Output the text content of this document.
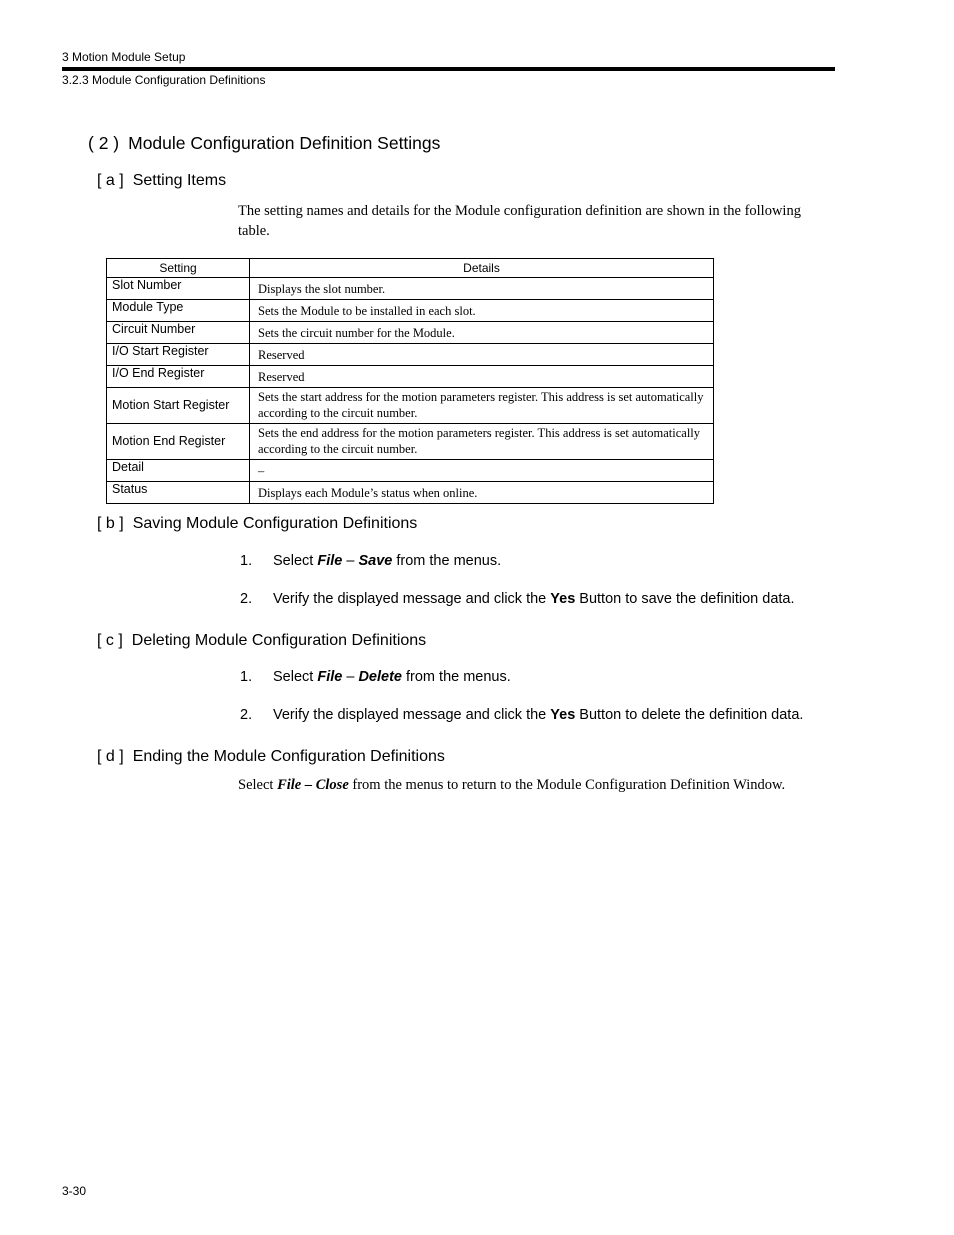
3 Motion Module Setup
3.2.3 Module Configuration Definitions
( 2 ) Module Configuration Definition Settings
[ a ] Setting Items
The setting names and details for the Module configuration definition are shown in the following table.
Setting	Details
Slot Number	Displays the slot number.
Module Type	Sets the Module to be installed in each slot.
Circuit Number	Sets the circuit number for the Module.
I/O Start Register	Reserved
I/O End Register	Reserved
Motion Start Register	Sets the start address for the motion parameters register. This address is set automatically according to the circuit number.
Motion End Register	Sets the end address for the motion parameters register. This address is set automatically according to the circuit number.
Detail	–
Status	Displays each Module’s status when online.
[ b ] Saving Module Configuration Definitions
1. Select File – Save from the menus.
2. Verify the displayed message and click the Yes Button to save the definition data.
[ c ] Deleting Module Configuration Definitions
1. Select File – Delete from the menus.
2. Verify the displayed message and click the Yes Button to delete the definition data.
[ d ] Ending the Module Configuration Definitions
Select File – Close from the menus to return to the Module Configuration Definition Window.
3-30
